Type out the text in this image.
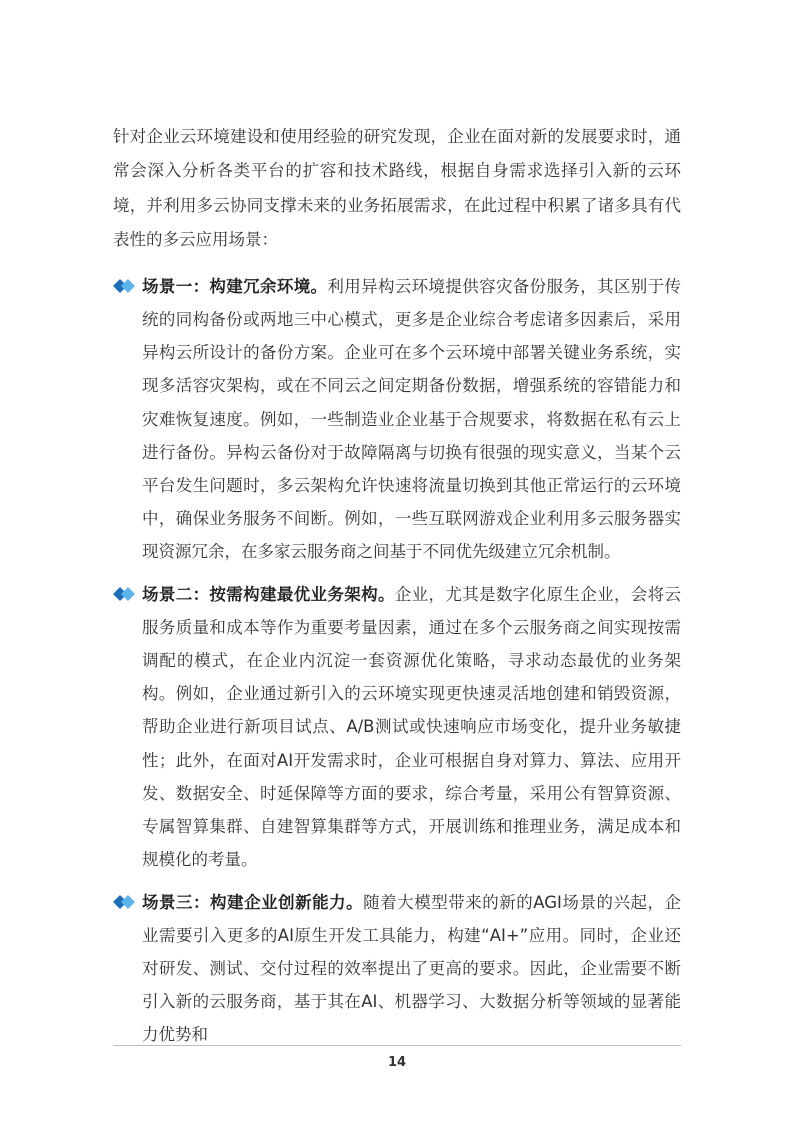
针对企业云环境建设和使用经验的研究发现，企业在面对新的发展要求时，通常会深入分析各类平台的扩容和技术路线，根据自身需求选择引入新的云环境，并利用多云协同支撑未来的业务拓展需求，在此过程中积累了诸多具有代表性的多云应用场景：

场景一：构建冗余环境。利用异构云环境提供容灾备份服务，其区别于传统的同构备份或两地三中心模式，更多是企业综合考虑诸多因素后，采用异构云所设计的备份方案。企业可在多个云环境中部署关键业务系统，实现多活容灾架构，或在不同云之间定期备份数据，增强系统的容错能力和灾难恢复速度。例如，一些制造业企业基于合规要求，将数据在私有云上进行备份。异构云备份对于故障隔离与切换有很强的现实意义，当某个云平台发生问题时，多云架构允许快速将流量切换到其他正常运行的云环境中，确保业务服务不间断。例如，一些互联网游戏企业利用多云服务器实现资源冗余，在多家云服务商之间基于不同优先级建立冗余机制。
场景二：按需构建最优业务架构。企业，尤其是数字化原生企业，会将云服务质量和成本等作为重要考量因素，通过在多个云服务商之间实现按需调配的模式，在企业内沉淀一套资源优化策略，寻求动态最优的业务架构。例如，企业通过新引入的云环境实现更快速灵活地创建和销毁资源，帮助企业进行新项目试点、A/B测试或快速响应市场变化，提升业务敏捷性；此外，在面对AI开发需求时，企业可根据自身对算力、算法、应用开发、数据安全、时延保障等方面的要求，综合考量，采用公有智算资源、专属智算集群、自建智算集群等方式，开展训练和推理业务，满足成本和规模化的考量。
场景三：构建企业创新能力。随着大模型带来的新的AGI场景的兴起，企业需要引入更多的AI原生开发工具能力，构建“AI+”应用。同时，企业还对研发、测试、交付过程的效率提出了更高的要求。因此，企业需要不断引入新的云服务商，基于其在AI、机器学习、大数据分析等领域的显著能力优势和
14
